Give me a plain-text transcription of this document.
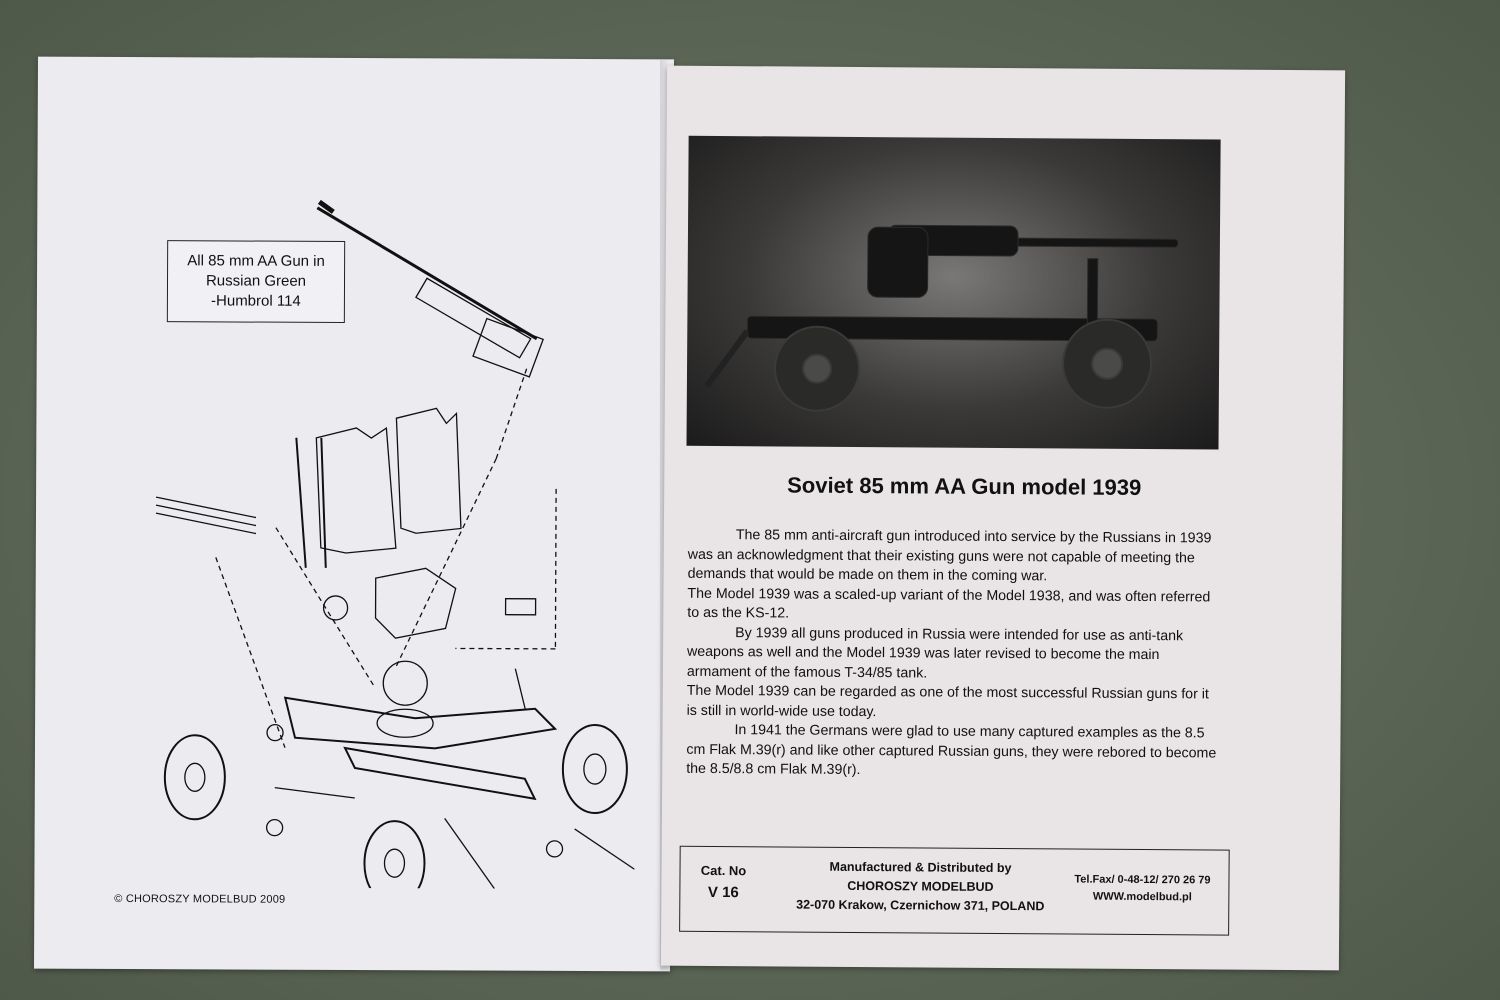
All 85 mm AA Gun in
Russian Green
-Humbrol 114
© CHOROSZY MODELBUD 2009
Soviet 85 mm AA Gun model 1939

The 85 mm anti-aircraft gun introduced into service by the Russians in 1939 was an acknowledgment that their existing guns were not capable of meeting the demands that would be made on them in the coming war.

The Model 1939 was a scaled-up variant of the Model 1938, and was often referred to as the KS-12.

By 1939 all guns produced in Russia were intended for use as anti-tank weapons as well and the Model 1939 was later revised to become the main armament of the famous T-34/85 tank.

The Model 1939 can be regarded as one of the most successful Russian guns for it is still in world-wide use today.

In 1941 the Germans were glad to use many captured examples as the 8.5 cm Flak M.39(r) and like other captured Russian guns, they were rebored to become the 8.5/8.8 cm Flak M.39(r).

Cat. No
V 16
Manufactured & Distributed by
CHOROSZY MODELBUD
32-070 Krakow, Czernichow 371, POLAND
Tel.Fax/ 0-48-12/ 270 26 79
WWW.modelbud.pl
